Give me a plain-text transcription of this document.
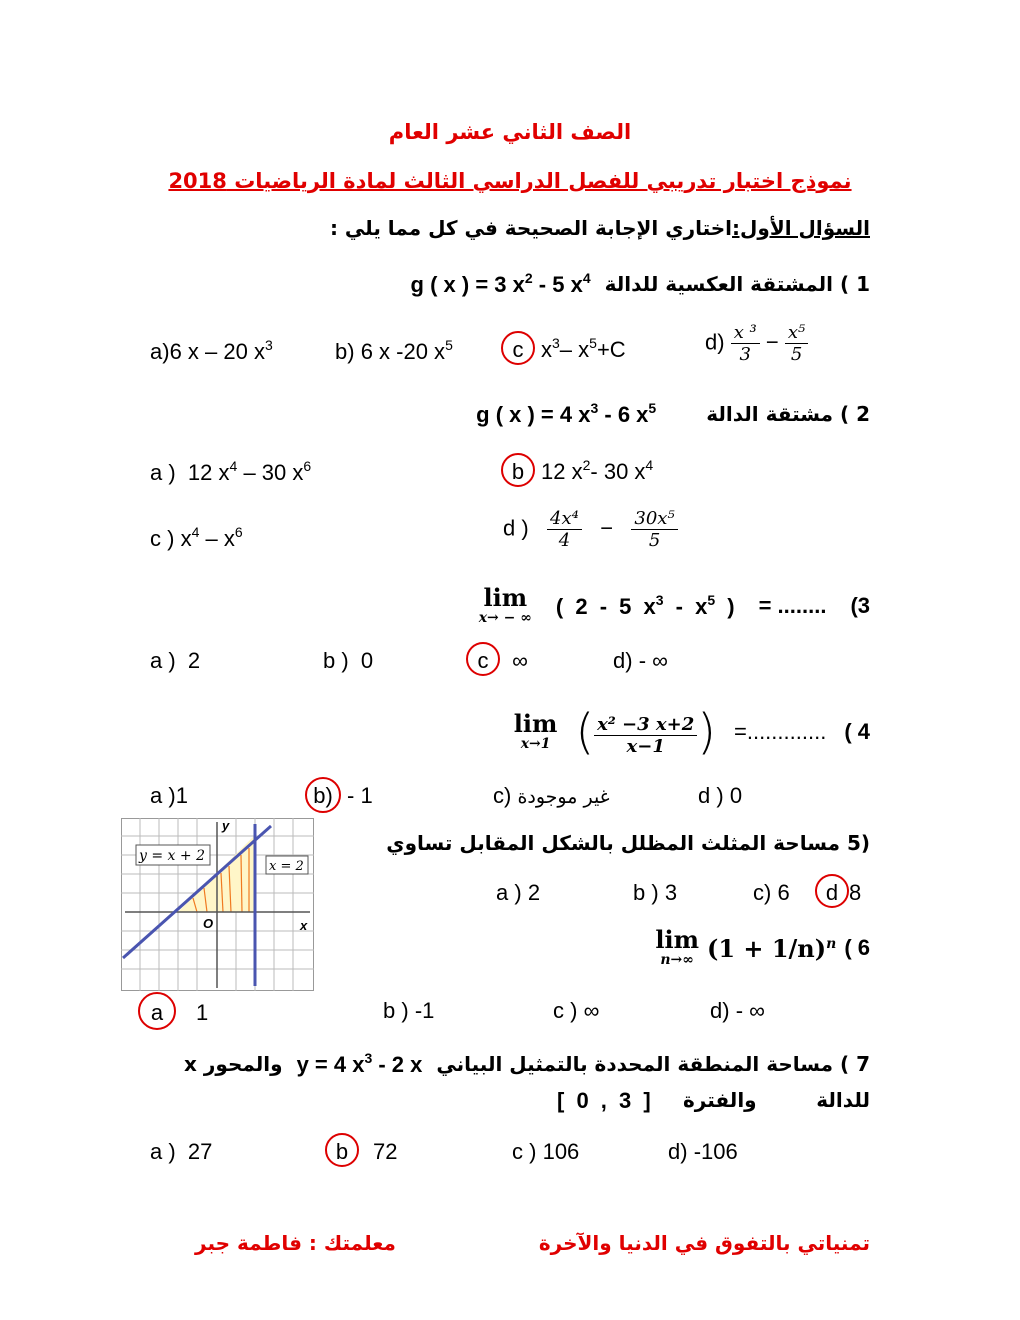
الصف الثاني عشر العام
نموذج اختبار تدريبي للفصل الدراسي الثالث لمادة الرياضيات 2018
السؤال الأول:اختاري الإجابة الصحيحة في كل مما يلي :
1 ) المشتقة العكسية للدالة
g ( x ) = 3 $x^2 - 5$ $x^4$
a)6 x – 20 $x^3$	b) 6 x -20 $x^5$	c $x^3-$ $x^5+C$	$d) \frac{\text{x ³}}{3} - \frac{\text{x⁵}}{5}$
2 ) مشتقة الدالة
g ( x ) = 4 $x^3 - 6$ $x^5$
a ) 12 $x^4 - 30$ $x^6$	b 12 $x^2-$ 30 $x^4$
c ) $x^4 - x^6$	d ) $\frac{\text{4x⁴}}{4} - \frac{\text{30x⁵}}{5}$
(3
= ........
( 2 - 5 $x^3 - x^5$ )
lim
x→ − ∞
a ) 2	b ) 0	c ∞	d) - ∞
( 4
=.............
( $\frac{\text{x² −3 x+2}}{x-1}$ )
lim
x→1
a )1	b) - 1	c) غير موجودة	d ) 0
(5 مساحة المثلث المظلل بالشكل المقابل تساوي
a ) 2	b ) 3	c) 6	d 8
y = x + 2
x = 2
O	x
y
( 6
$(1 + 1/n)^n$
lim
n→∞
a 1	b ) -1	c ) ∞	d) - ∞
7 ) مساحة المنطقة المحددة بالتمثيل البياني
y = 4 $x^3 - 2$ x
والمحور x
للدالة
والفترة
[ 0 , 3 ]
a ) 27	b 72	c ) 106	d) -106
تمنياتي بالتفوق في الدنيا والآخرة
معلمتك : فاطمة جبر
